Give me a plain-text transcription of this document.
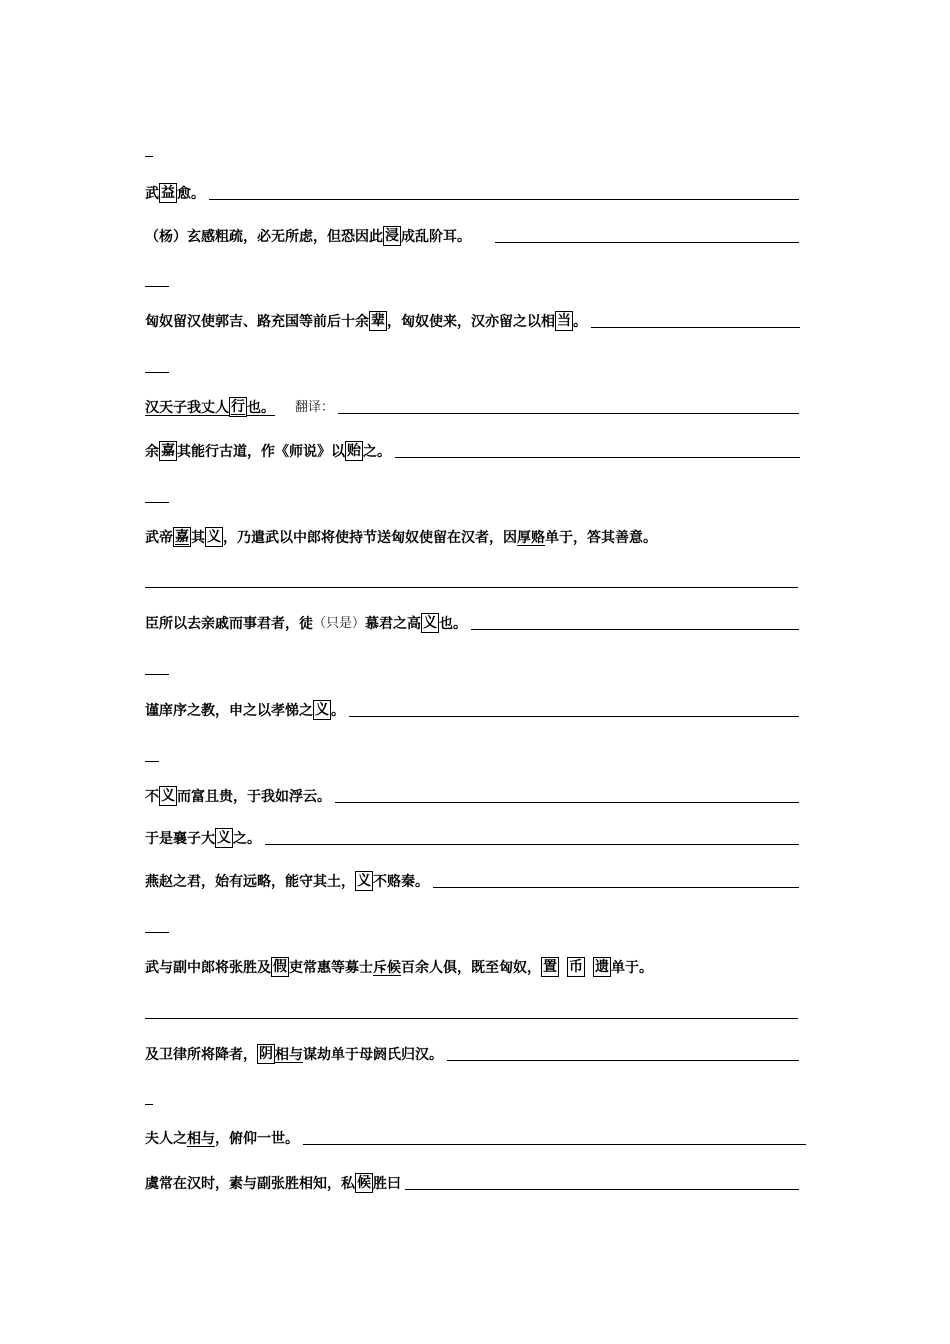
武 益 愈。
（杨）玄感粗疏，必无所虑，但恐因此 浸 成乱阶耳。
匈奴留汉使郭吉、路充国等前后十余 辈 ，匈奴使来，汉亦留之以相 当 。
汉天子我丈人 行 也。 翻译：
余 嘉 其能行古道，作《师说》以 贻 之。
武帝 嘉 其 义 ，乃遣武以中郎将使持节送匈奴使留在汉者，因 厚赂 单于，答其善意。
臣所以去亲戚而事君者，徒 （只是） 慕君之高 义 也。
谨庠序之教，申之以孝悌之 义 。
不 义 而富且贵，于我如浮云。
于是襄子大 义 之。
燕赵之君，始有远略，能守其土， 义 不赂秦。
武与副中郎将张胜及 假 吏常惠等募士 斥候 百余人俱，既至匈奴， 置 币 遗 单于。
及卫律所将降者， 阴 相与 谋劫单于母阏氏归汉。
夫人之 相与 ，俯仰一世。
虞常在汉时，素与副张胜相知，私 候 胜曰
